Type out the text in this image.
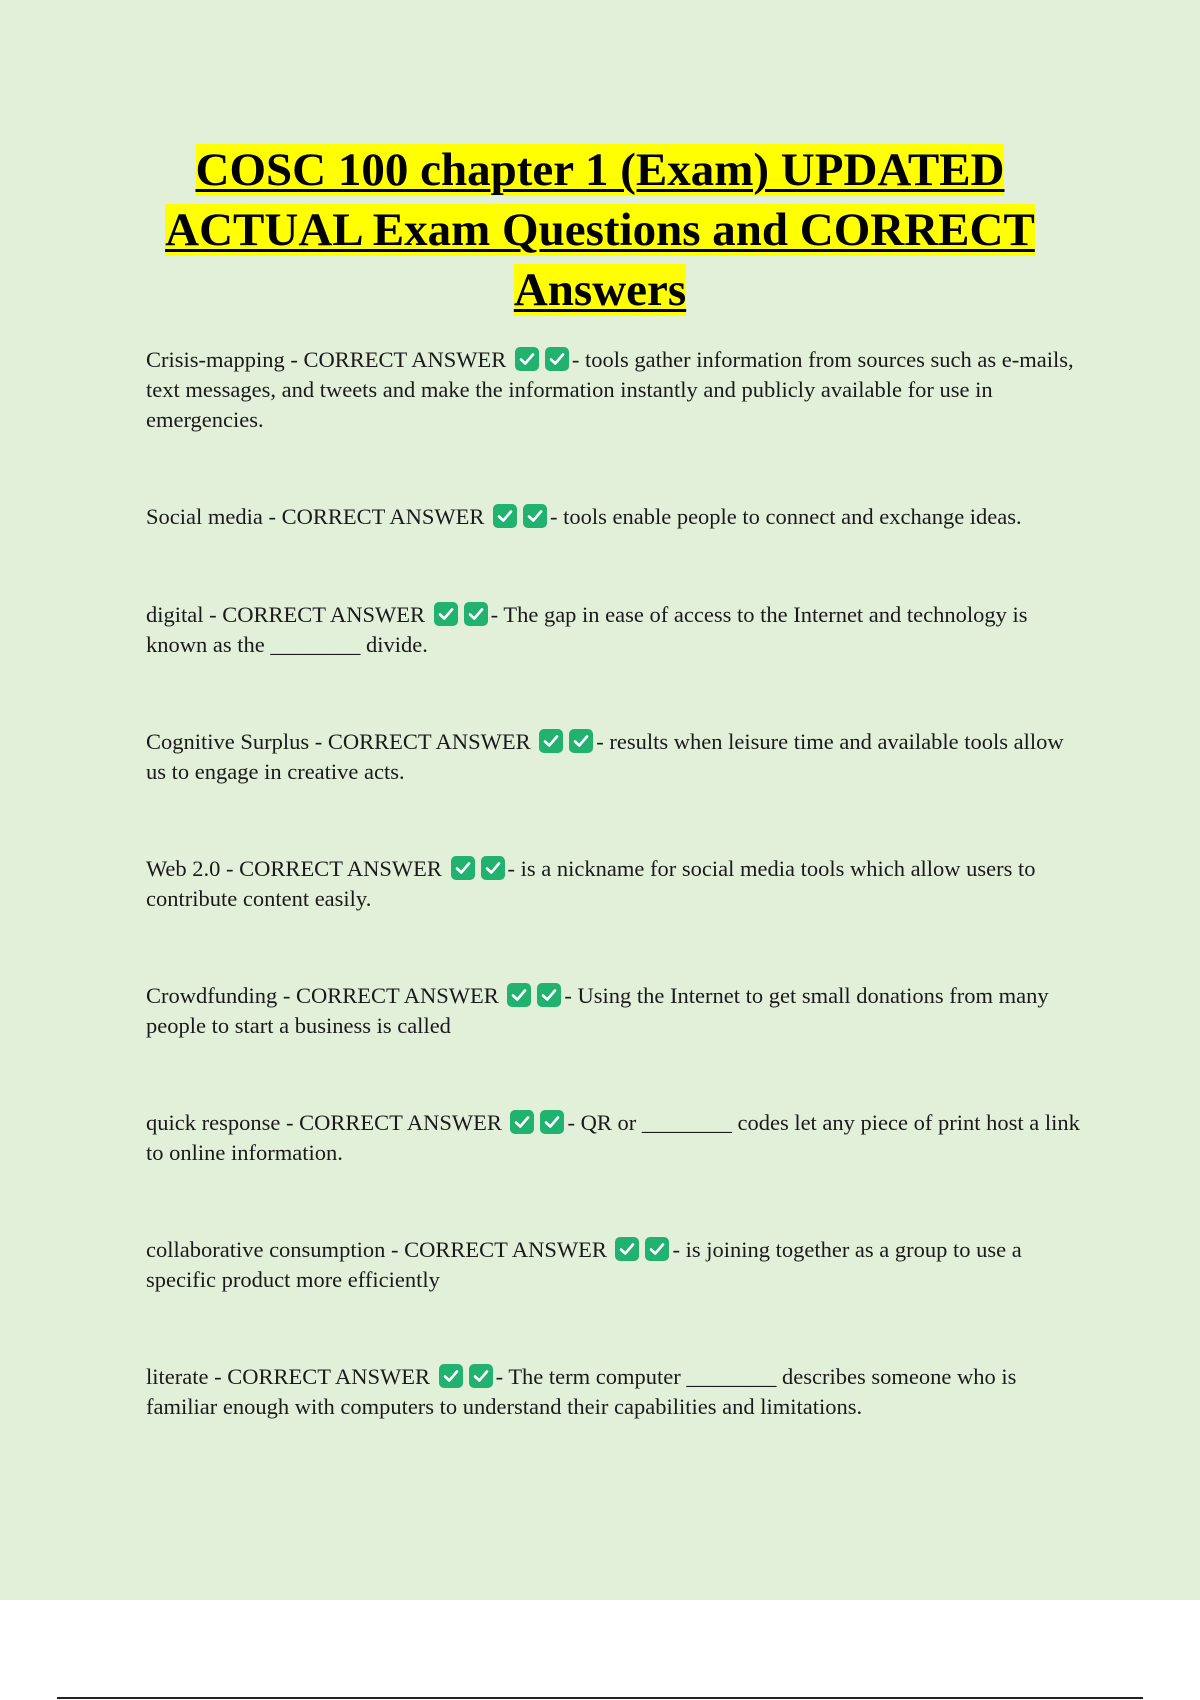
COSC 100 chapter 1 (Exam) UPDATED ACTUAL Exam Questions and CORRECT Answers

Crisis-mapping - CORRECT ANSWER	- tools gather information from sources such as e-mails, text messages, and tweets and make the information instantly and publicly available for use in emergencies.

Social media - CORRECT ANSWER	- tools enable people to connect and exchange ideas.

digital - CORRECT ANSWER	- The gap in ease of access to the Internet and technology is known as the ________ divide.

Cognitive Surplus - CORRECT ANSWER	- results when leisure time and available tools allow us to engage in creative acts.

Web 2.0 - CORRECT ANSWER	- is a nickname for social media tools which allow users to contribute content easily.

Crowdfunding - CORRECT ANSWER	- Using the Internet to get small donations from many people to start a business is called

quick response - CORRECT ANSWER	- QR or ________ codes let any piece of print host a link to online information.

collaborative consumption - CORRECT ANSWER	- is joining together as a group to use a specific product more efficiently

literate - CORRECT ANSWER	- The term computer ________ describes someone who is familiar enough with computers to understand their capabilities and limitations.
